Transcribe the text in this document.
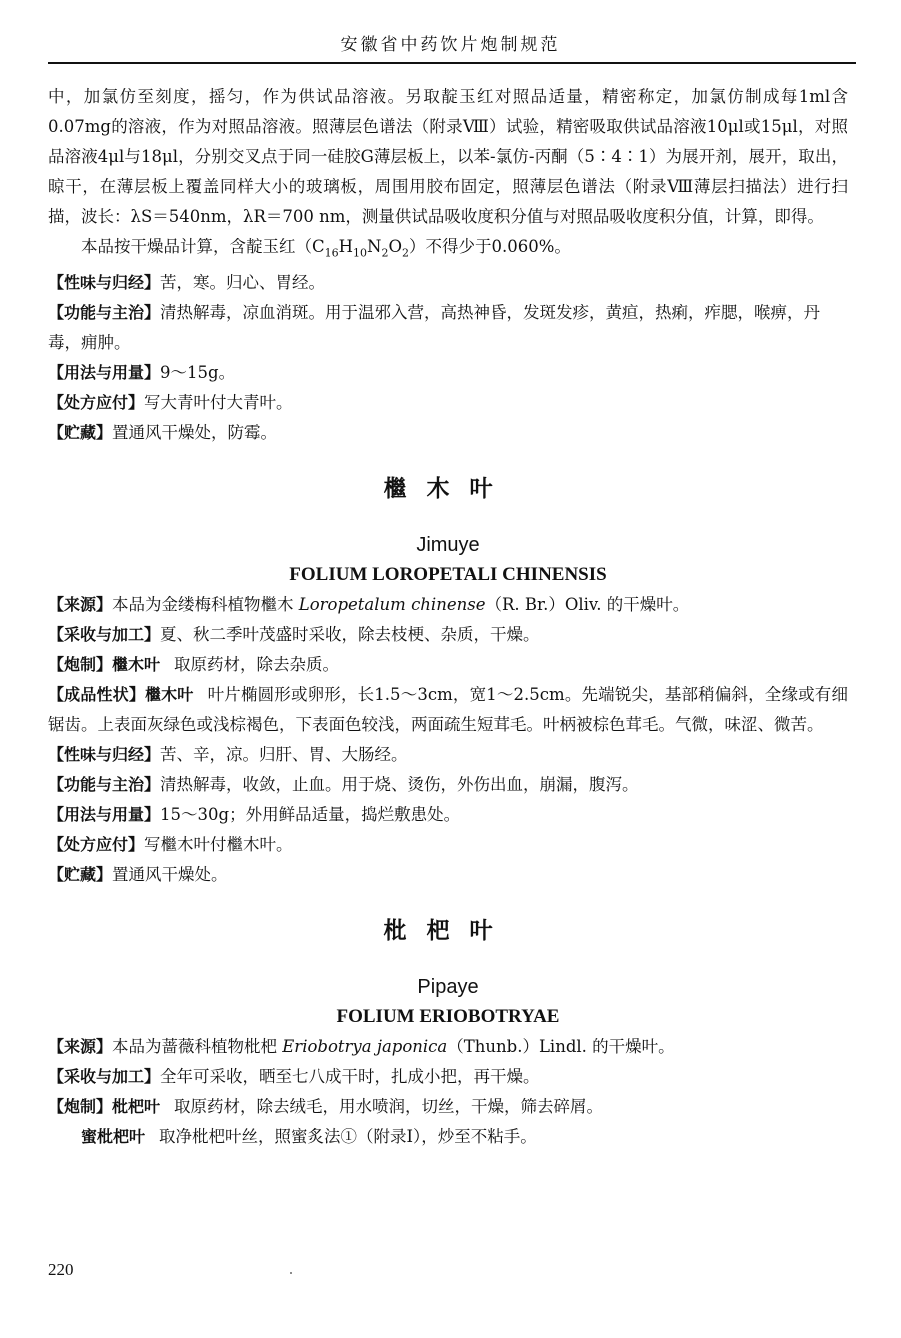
安徽省中药饮片炮制规范

中，加氯仿至刻度，摇匀，作为供试品溶液。另取靛玉红对照品适量，精密称定，加氯仿制成每1ml含0.07mg的溶液，作为对照品溶液。照薄层色谱法（附录Ⅷ）试验，精密吸取供试品溶液10μl或15μl，对照品溶液4μl与18μl，分别交叉点于同一硅胶G薄层板上，以苯-氯仿-丙酮（5∶4∶1）为展开剂，展开，取出，晾干，在薄层板上覆盖同样大小的玻璃板，周围用胶布固定，照薄层色谱法（附录Ⅷ薄层扫描法）进行扫描，波长：λS＝540nm，λR＝700 nm，测量供试品吸收度积分值与对照品吸收度积分值，计算，即得。

本品按干燥品计算，含靛玉红$(C_{16}H_{10}N_2O_2)$不得少于0.060%。

【性味与归经】苦，寒。归心、胃经。

【功能与主治】清热解毒，凉血消斑。用于温邪入营，高热神昏，发斑发疹，黄疸，热痢，痄腮，喉痹，丹毒，痈肿。

【用法与用量】9～15g。

【处方应付】写大青叶付大青叶。

【贮藏】置通风干燥处，防霉。

檵木叶

Jimuye

FOLIUM LOROPETALI CHINENSIS

【来源】本品为金缕梅科植物檵木 Loropetalum chinense（R. Br.）Oliv. 的干燥叶。

【采收与加工】夏、秋二季叶茂盛时采收，除去枝梗、杂质，干燥。

【炮制】檵木叶 取原药材，除去杂质。

【成品性状】檵木叶 叶片椭圆形或卵形，长1.5～3cm，宽1～2.5cm。先端锐尖，基部稍偏斜，全缘或有细锯齿。上表面灰绿色或浅棕褐色，下表面色较浅，两面疏生短茸毛。叶柄被棕色茸毛。气微，味涩、微苦。

【性味与归经】苦、辛，凉。归肝、胃、大肠经。

【功能与主治】清热解毒，收敛，止血。用于烧、烫伤，外伤出血，崩漏，腹泻。

【用法与用量】15～30g；外用鲜品适量，捣烂敷患处。

【处方应付】写檵木叶付檵木叶。

【贮藏】置通风干燥处。

枇杷叶

Pipaye

FOLIUM ERIOBOTRYAE

【来源】本品为蔷薇科植物枇杷 Eriobotrya japonica（Thunb.）Lindl. 的干燥叶。

【采收与加工】全年可采收，晒至七八成干时，扎成小把，再干燥。

【炮制】枇杷叶 取原药材，除去绒毛，用水喷润，切丝，干燥，筛去碎屑。

蜜枇杷叶 取净枇杷叶丝，照蜜炙法①（附录Ⅰ），炒至不粘手。

220
